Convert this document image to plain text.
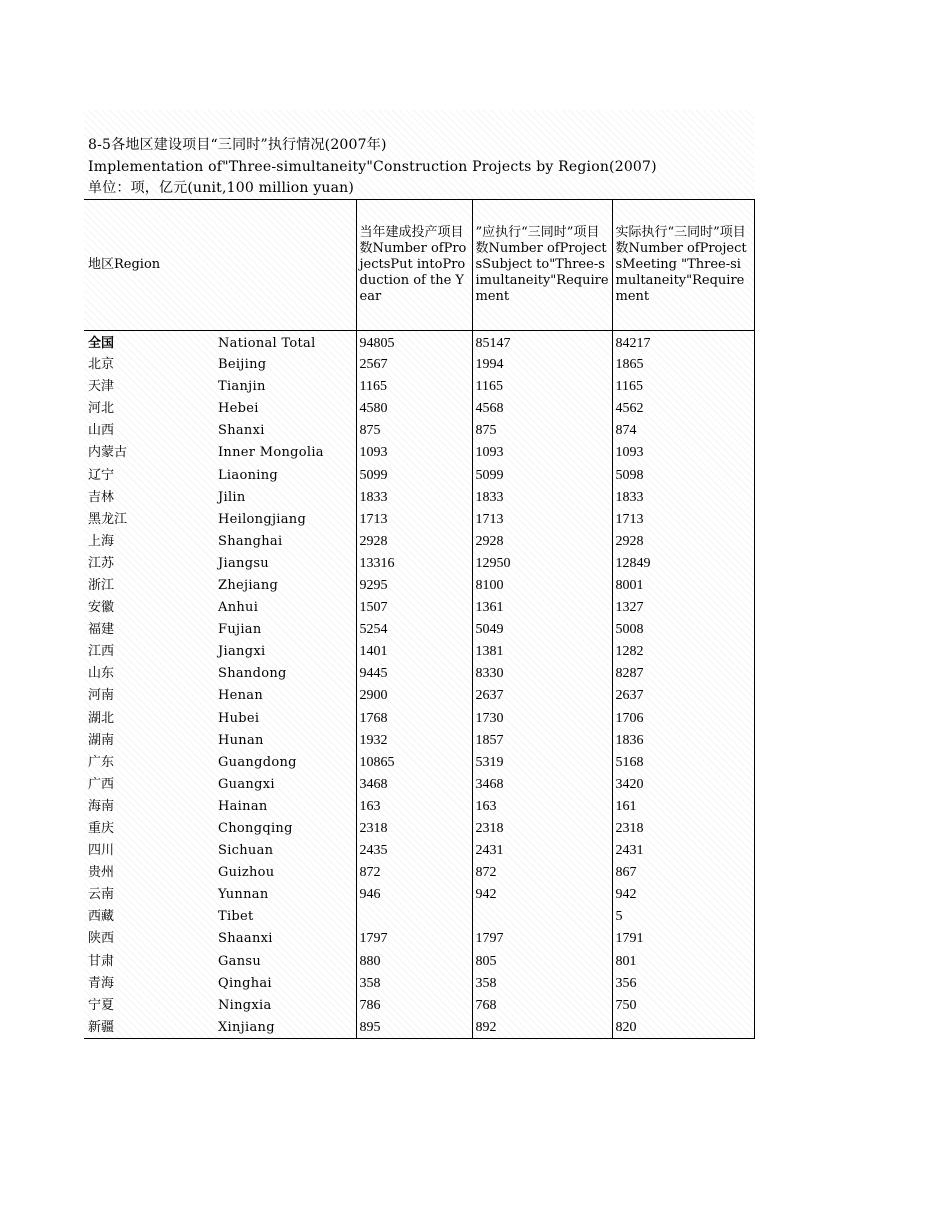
8-5各地区建设项目“三同时”执行情况(2007年)
Implementation of"Three-simultaneity"Construction Projects by Region(2007)
单位：项，亿元(unit,100 million yuan)
地区Region		当年建成投产项目数Number ofProjectsPut intoProduction of the Year	”应执行“三同时”项目数Number ofProjectsSubject to"Three-simultaneity"Requirement	实际执行“三同时”项目数Number ofProjectsMeeting "Three-simultaneity"Requirement
全国	National Total	94805	85147	84217
北京	Beijing	2567	1994	1865
天津	Tianjin	1165	1165	1165
河北	Hebei	4580	4568	4562
山西	Shanxi	875	875	874
内蒙古	Inner Mongolia	1093	1093	1093
辽宁	Liaoning	5099	5099	5098
吉林	Jilin	1833	1833	1833
黑龙江	Heilongjiang	1713	1713	1713
上海	Shanghai	2928	2928	2928
江苏	Jiangsu	13316	12950	12849
浙江	Zhejiang	9295	8100	8001
安徽	Anhui	1507	1361	1327
福建	Fujian	5254	5049	5008
江西	Jiangxi	1401	1381	1282
山东	Shandong	9445	8330	8287
河南	Henan	2900	2637	2637
湖北	Hubei	1768	1730	1706
湖南	Hunan	1932	1857	1836
广东	Guangdong	10865	5319	5168
广西	Guangxi	3468	3468	3420
海南	Hainan	163	163	161
重庆	Chongqing	2318	2318	2318
四川	Sichuan	2435	2431	2431
贵州	Guizhou	872	872	867
云南	Yunnan	946	942	942
西藏	Tibet			5
陕西	Shaanxi	1797	1797	1791
甘肃	Gansu	880	805	801
青海	Qinghai	358	358	356
宁夏	Ningxia	786	768	750
新疆	Xinjiang	895	892	820
